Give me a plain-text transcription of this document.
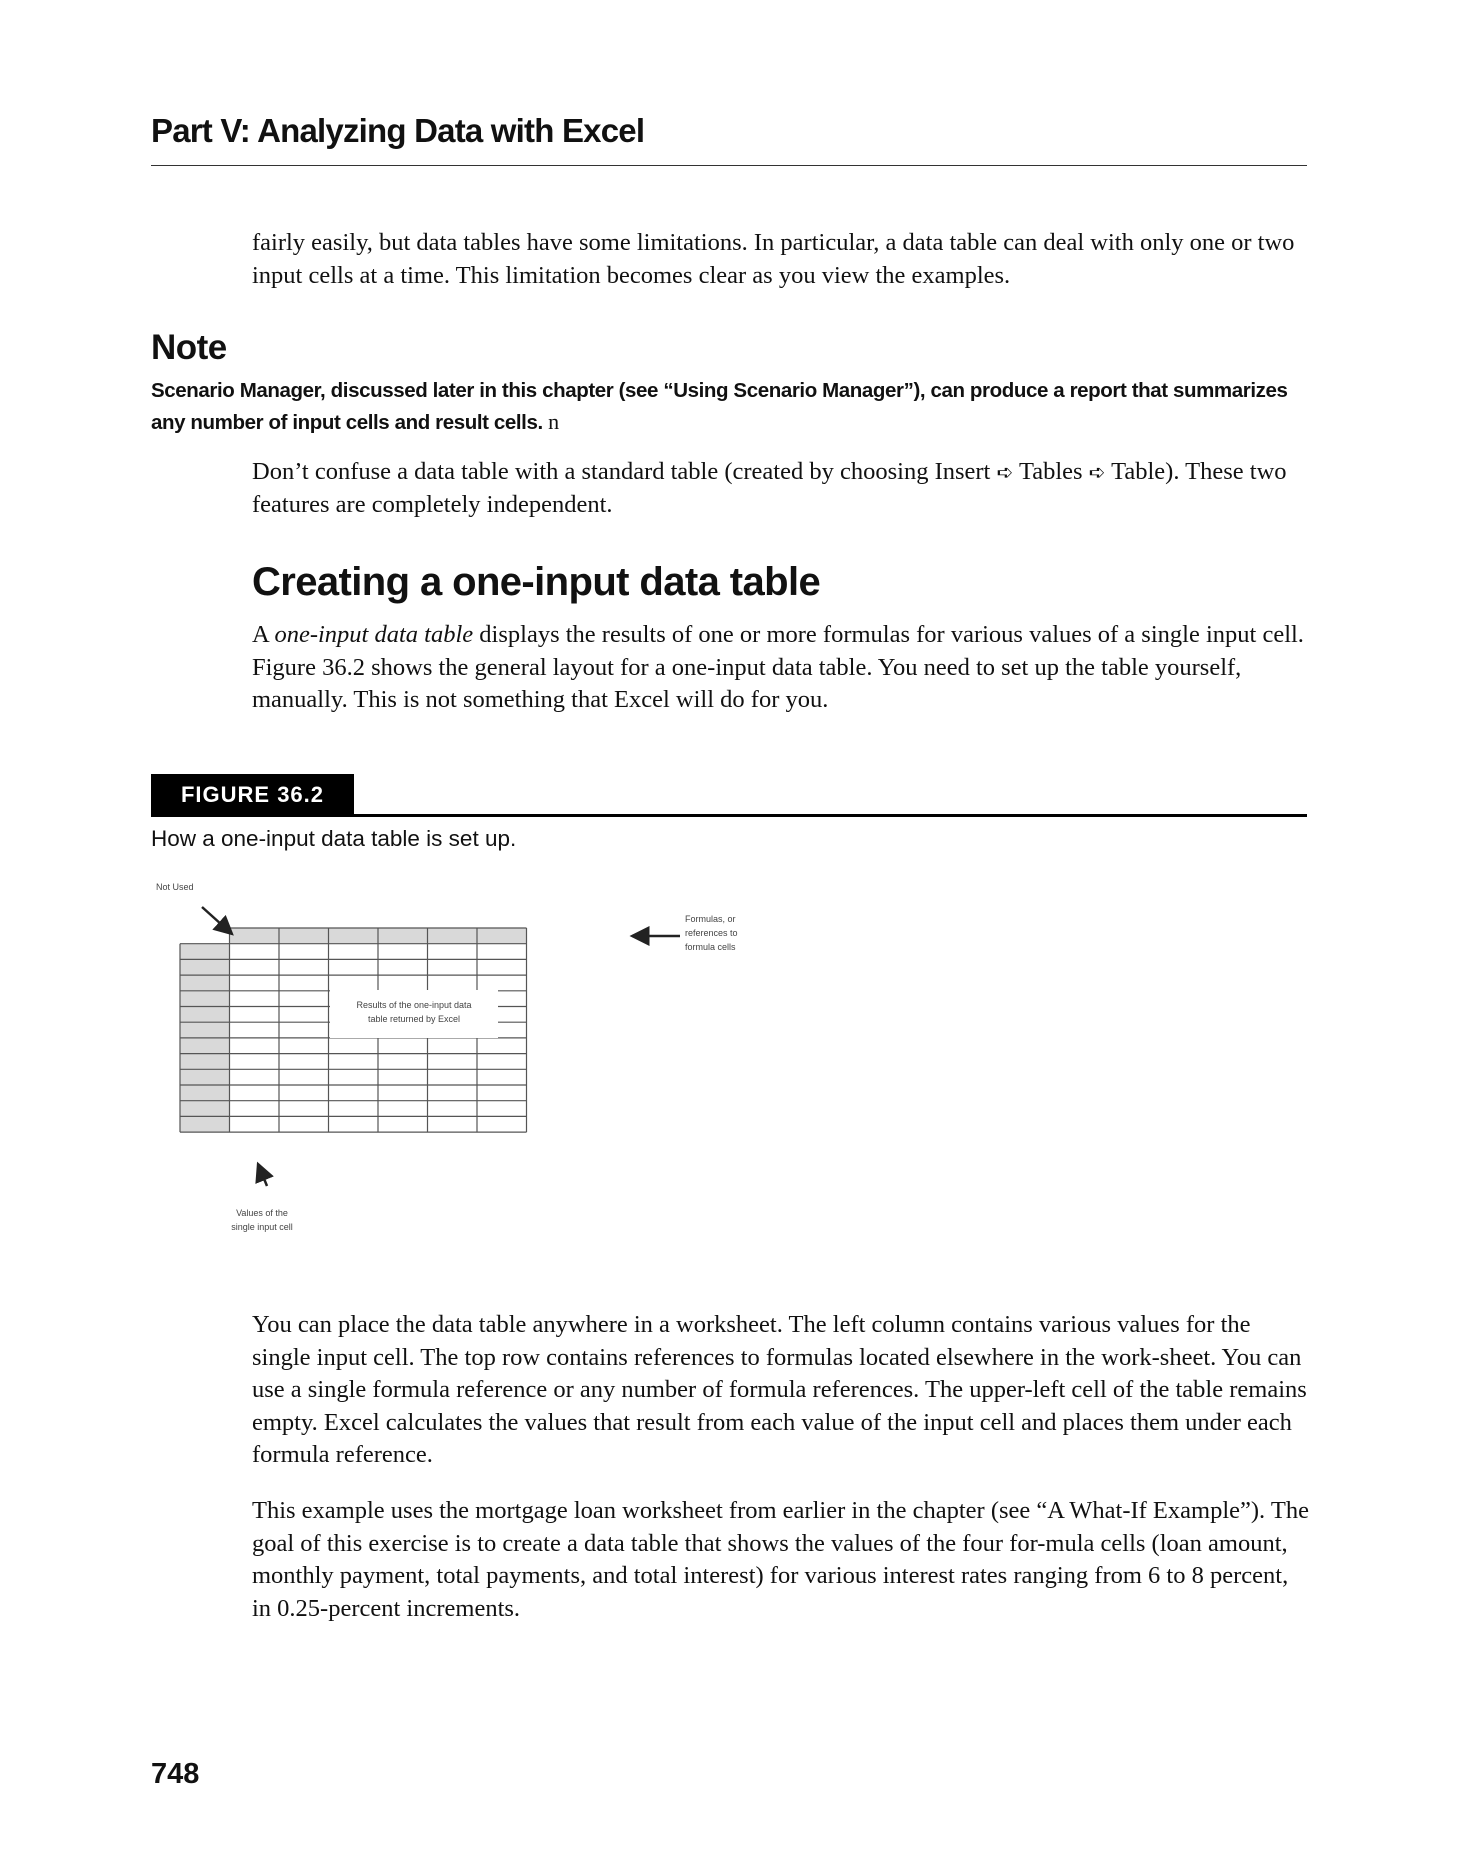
Part V: Analyzing Data with Excel

fairly easily, but data tables have some limitations. In particular, a data table can deal with only one or two input cells at a time. This limitation becomes clear as you view the examples.

Note

Scenario Manager, discussed later in this chapter (see “Using Scenario Manager”), can produce a report that summarizes any number of input cells and result cells. n

Don’t confuse a data table with a standard table (created by choosing Insert ➪ Tables ➪ Table). These two features are completely independent.

Creating a one-input data table

A one-input data table displays the results of one or more formulas for various values of a single input cell. Figure 36.2 shows the general layout for a one-input data table. You need to set up the table yourself, manually. This is not something that Excel will do for you.

FIGURE 36.2
How a one-input data table is set up.
Not Used
Formulas, or
references to
formula cells
Results of the one-input data
table returned by Excel
Values of the
single input cell

You can place the data table anywhere in a worksheet. The left column contains various values for the single input cell. The top row contains references to formulas located elsewhere in the work-sheet. You can use a single formula reference or any number of formula references. The upper-left cell of the table remains empty. Excel calculates the values that result from each value of the input cell and places them under each formula reference.

This example uses the mortgage loan worksheet from earlier in the chapter (see “A What-If Example”). The goal of this exercise is to create a data table that shows the values of the four for-mula cells (loan amount, monthly payment, total payments, and total interest) for various interest rates ranging from 6 to 8 percent, in 0.25-percent increments.

748
